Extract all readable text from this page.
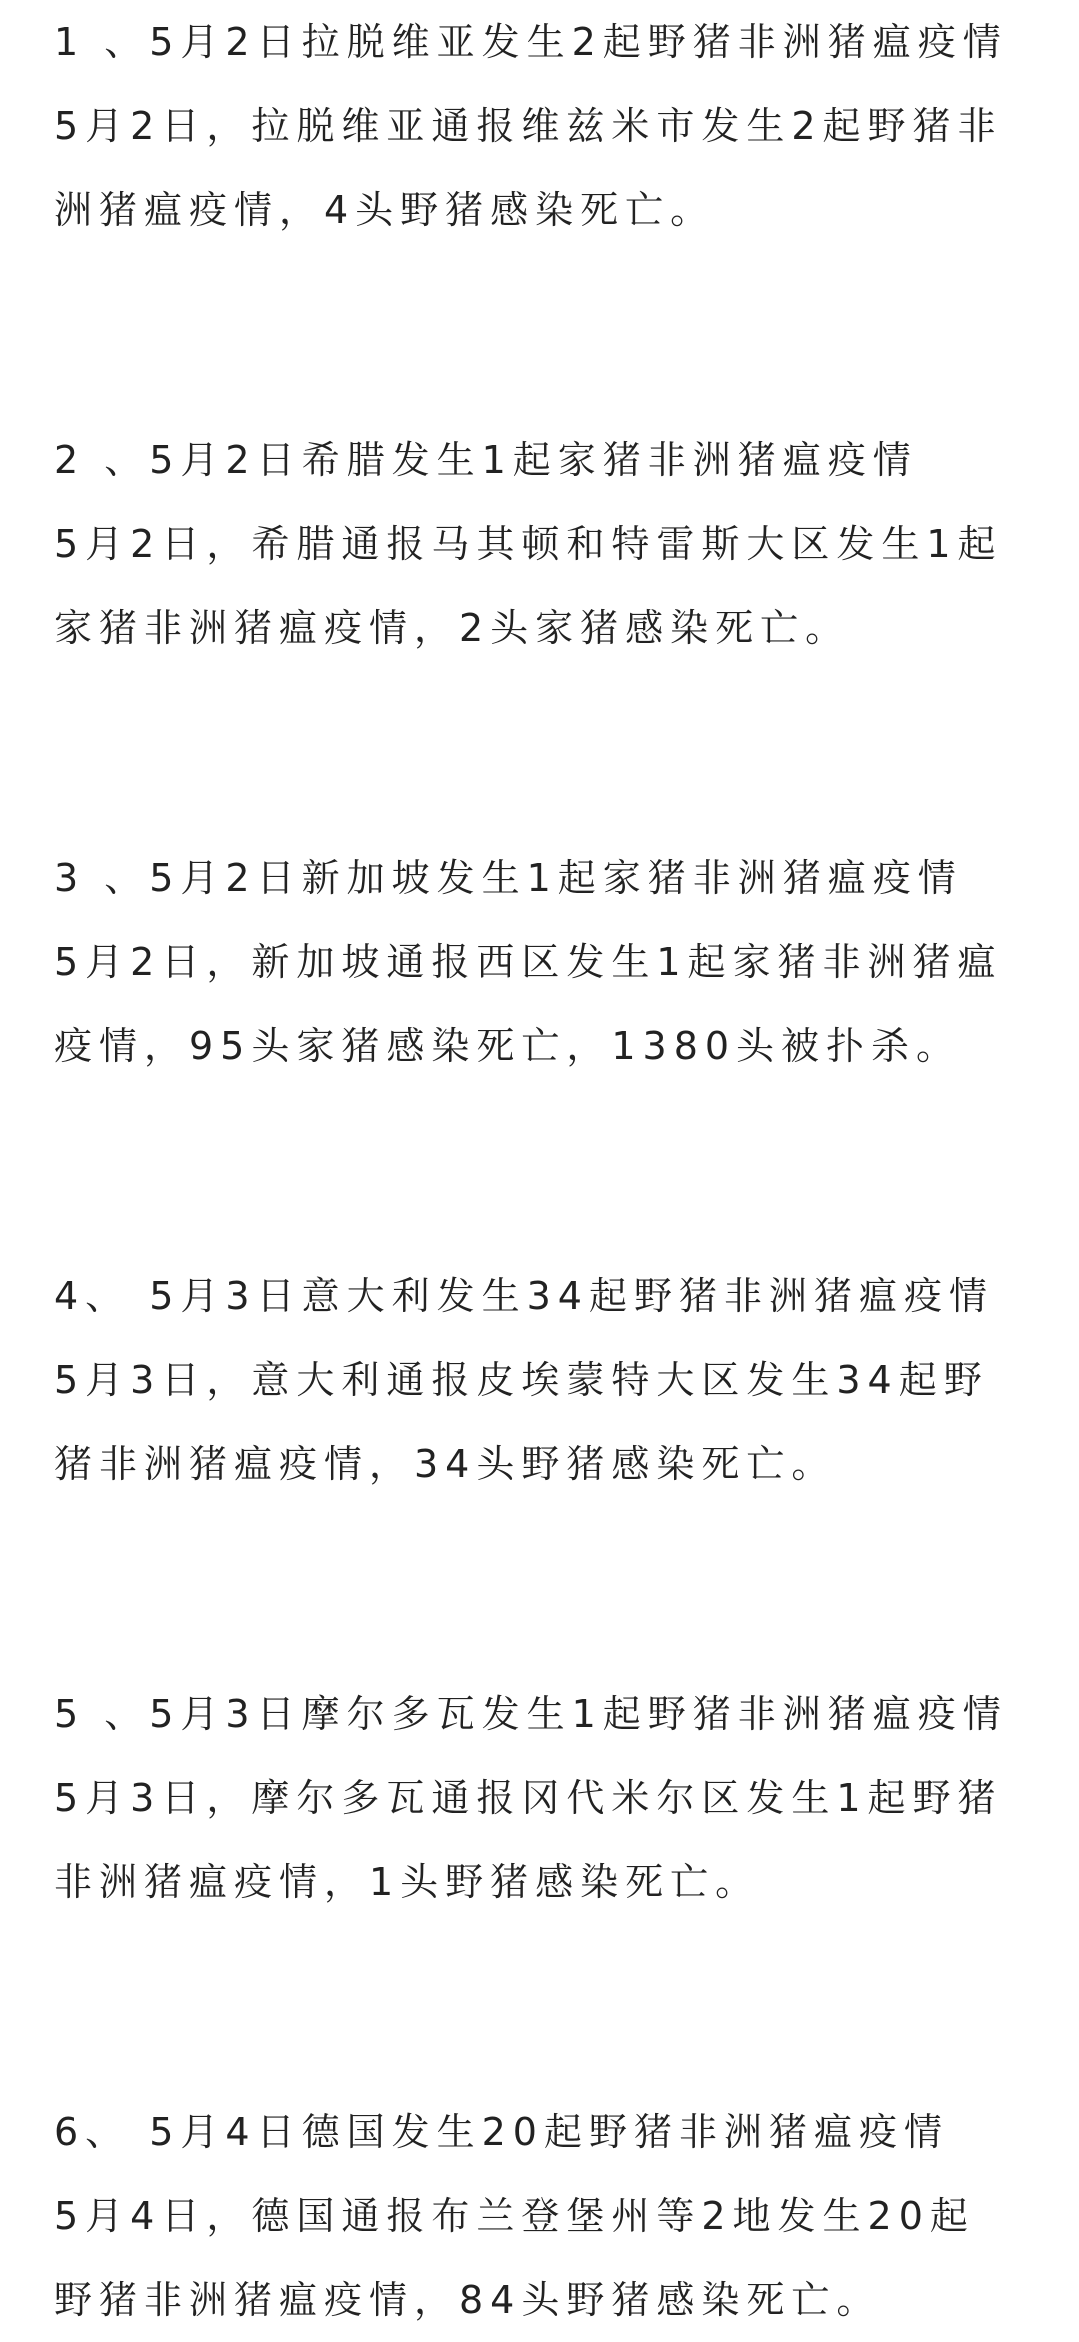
1 、5月2日拉脱维亚发生2起野猪非洲猪瘟疫情
5月2日，拉脱维亚通报维兹米市发生2起野猪非
洲猪瘟疫情，4头野猪感染死亡。
2 、5月2日希腊发生1起家猪非洲猪瘟疫情
5月2日，希腊通报马其顿和特雷斯大区发生1起
家猪非洲猪瘟疫情，2头家猪感染死亡。
3 、5月2日新加坡发生1起家猪非洲猪瘟疫情
5月2日，新加坡通报西区发生1起家猪非洲猪瘟
疫情，95头家猪感染死亡，1380头被扑杀。
4、 5月3日意大利发生34起野猪非洲猪瘟疫情
5月3日，意大利通报皮埃蒙特大区发生34起野
猪非洲猪瘟疫情，34头野猪感染死亡。
5 、5月3日摩尔多瓦发生1起野猪非洲猪瘟疫情
5月3日，摩尔多瓦通报冈代米尔区发生1起野猪
非洲猪瘟疫情，1头野猪感染死亡。
6、 5月4日德国发生20起野猪非洲猪瘟疫情
5月4日，德国通报布兰登堡州等2地发生20起
野猪非洲猪瘟疫情，84头野猪感染死亡。
